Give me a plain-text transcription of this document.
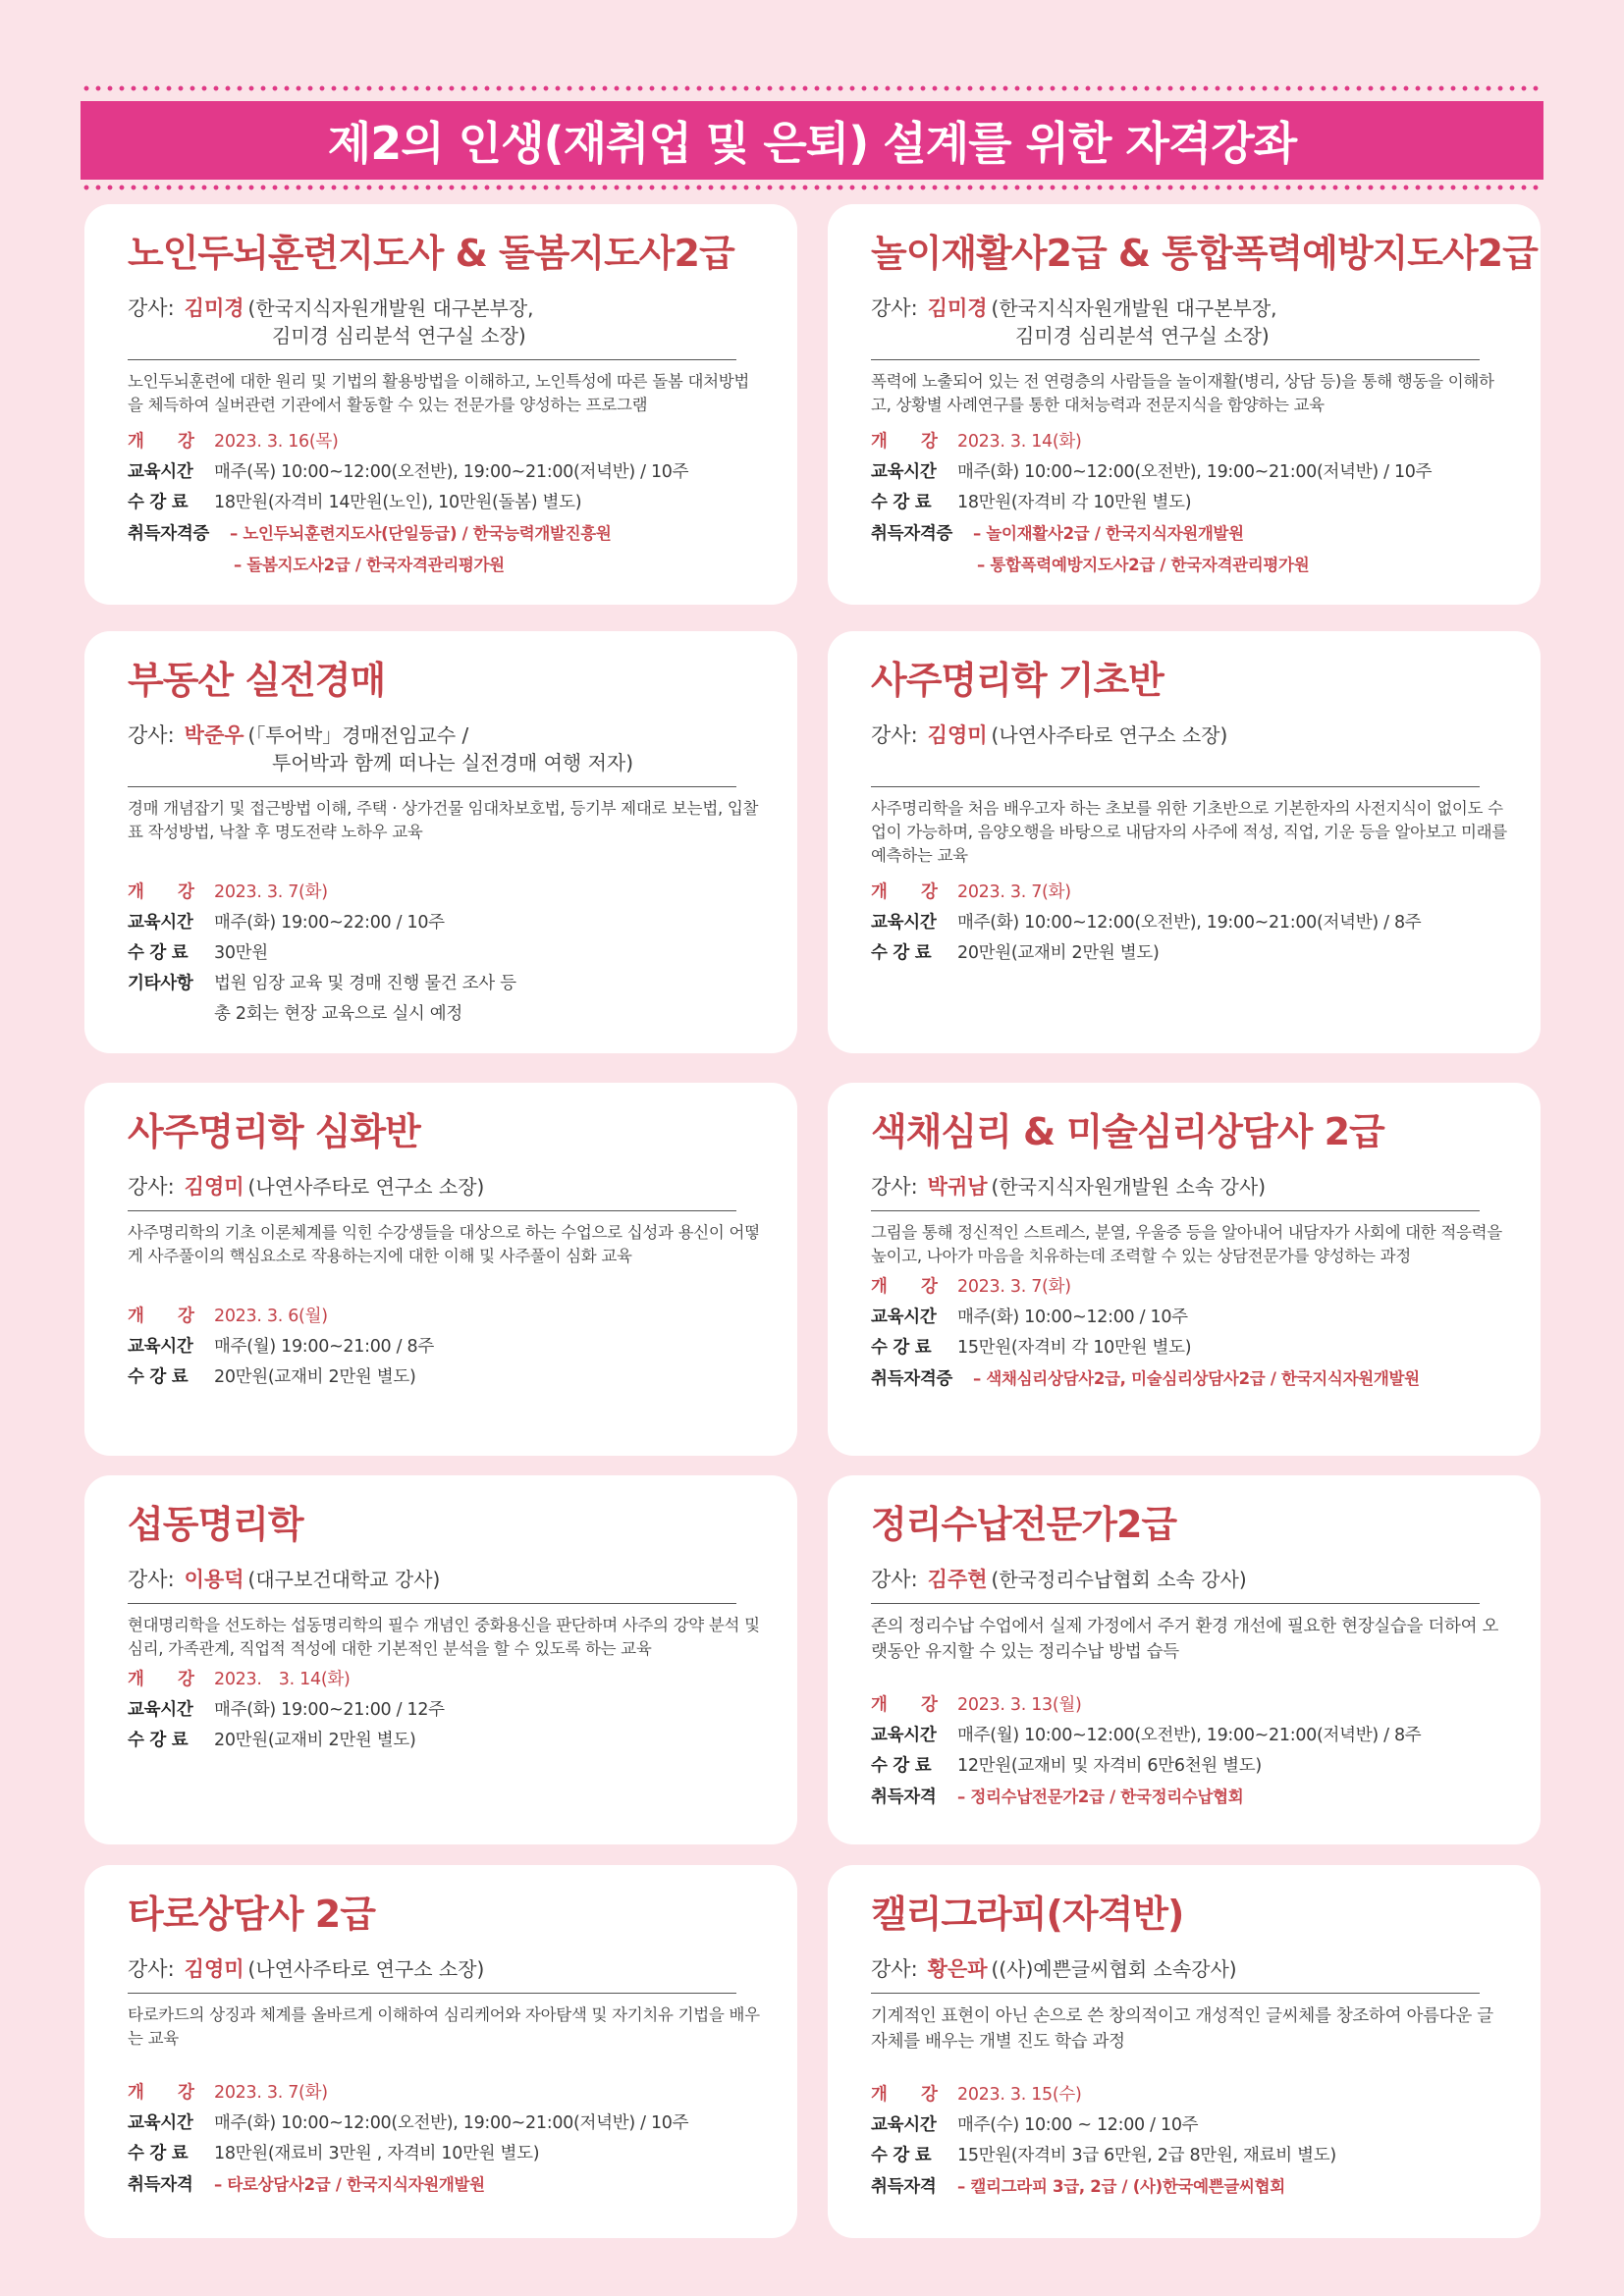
제2의 인생(재취업 및 은퇴) 설계를 위한 자격강좌
노인두뇌훈련지도사 & 돌봄지도사2급
강사: 김미경 (한국지식자원개발원 대구본부장,
김미경 심리분석 연구실 소장)
노인두뇌훈련에 대한 원리 및 기법의 활용방법을 이해하고, 노인특성에 따른 돌봄 대처방법을 체득하여 실버관련 기관에서 활동할 수 있는 전문가를 양성하는 프로그램
개　　강 2023. 3. 16(목)
교육시간 매주(목) 10:00~12:00(오전반), 19:00~21:00(저녁반) / 10주
수 강 료 18만원(자격비 14만원(노인), 10만원(돌봄) 별도)
취득자격증 – 노인두뇌훈련지도사(단일등급) / 한국능력개발진흥원
– 돌봄지도사2급 / 한국자격관리평가원
놀이재활사2급 & 통합폭력예방지도사2급
강사: 김미경 (한국지식자원개발원 대구본부장,
김미경 심리분석 연구실 소장)
폭력에 노출되어 있는 전 연령층의 사람들을 놀이재활(병리, 상담 등)을 통해 행동을 이해하고, 상황별 사례연구를 통한 대처능력과 전문지식을 함양하는 교육
개　　강 2023. 3. 14(화)
교육시간 매주(화) 10:00~12:00(오전반), 19:00~21:00(저녁반) / 10주
수 강 료 18만원(자격비 각 10만원 별도)
취득자격증 – 놀이재활사2급 / 한국지식자원개발원
– 통합폭력예방지도사2급 / 한국자격관리평가원
부동산 실전경매
강사: 박준우 (「투어박」경매전임교수 /
투어박과 함께 떠나는 실전경매 여행 저자)
경매 개념잡기 및 접근방법 이해, 주택 · 상가건물 임대차보호법, 등기부 제대로 보는법, 입찰표 작성방법, 낙찰 후 명도전략 노하우 교육
개　　강 2023. 3. 7(화)
교육시간 매주(화) 19:00~22:00 / 10주
수 강 료 30만원
기타사항 법원 임장 교육 및 경매 진행 물건 조사 등
총 2회는 현장 교육으로 실시 예정
사주명리학 기초반
강사: 김영미 (나연사주타로 연구소 소장)
사주명리학을 처음 배우고자 하는 초보를 위한 기초반으로 기본한자의 사전지식이 없이도 수업이 가능하며, 음양오행을 바탕으로 내담자의 사주에 적성, 직업, 기운 등을 알아보고 미래를 예측하는 교육
개　　강 2023. 3. 7(화)
교육시간 매주(화) 10:00~12:00(오전반), 19:00~21:00(저녁반) / 8주
수 강 료 20만원(교재비 2만원 별도)
사주명리학 심화반
강사: 김영미 (나연사주타로 연구소 소장)
사주명리학의 기초 이론체계를 익힌 수강생들을 대상으로 하는 수업으로 십성과 용신이 어떻게 사주풀이의 핵심요소로 작용하는지에 대한 이해 및 사주풀이 심화 교육
개　　강 2023. 3. 6(월)
교육시간 매주(월) 19:00~21:00 / 8주
수 강 료 20만원(교재비 2만원 별도)
색채심리 & 미술심리상담사 2급
강사: 박귀남 (한국지식자원개발원 소속 강사)
그림을 통해 정신적인 스트레스, 분열, 우울증 등을 알아내어 내담자가 사회에 대한 적응력을 높이고, 나아가 마음을 치유하는데 조력할 수 있는 상담전문가를 양성하는 과정
개　　강 2023. 3. 7(화)
교육시간 매주(화) 10:00~12:00 / 10주
수 강 료 15만원(자격비 각 10만원 별도)
취득자격증 – 색채심리상담사2급, 미술심리상담사2급 / 한국지식자원개발원
섭동명리학
강사: 이용덕 (대구보건대학교 강사)
현대명리학을 선도하는 섭동명리학의 필수 개념인 중화용신을 판단하며 사주의 강약 분석 및 심리, 가족관계, 직업적 적성에 대한 기본적인 분석을 할 수 있도록 하는 교육
개　　강 2023.　3. 14(화)
교육시간 매주(화) 19:00~21:00 / 12주
수 강 료 20만원(교재비 2만원 별도)
정리수납전문가2급
강사: 김주현 (한국정리수납협회 소속 강사)
존의 정리수납 수업에서 실제 가정에서 주거 환경 개선에 필요한 현장실습을 더하여 오랫동안 유지할 수 있는 정리수납 방법 습득
개　　강 2023. 3. 13(월)
교육시간 매주(월) 10:00~12:00(오전반), 19:00~21:00(저녁반) / 8주
수 강 료 12만원(교재비 및 자격비 6만6천원 별도)
취득자격 – 정리수납전문가2급 / 한국정리수납협회
타로상담사 2급
강사: 김영미 (나연사주타로 연구소 소장)
타로카드의 상징과 체계를 올바르게 이해하여 심리케어와 자아탐색 및 자기치유 기법을 배우는 교육
개　　강 2023. 3. 7(화)
교육시간 매주(화) 10:00~12:00(오전반), 19:00~21:00(저녁반) / 10주
수 강 료 18만원(재료비 3만원 , 자격비 10만원 별도)
취득자격 – 타로상담사2급 / 한국지식자원개발원
캘리그라피(자격반)
강사: 황은파 ((사)예쁜글씨협회 소속강사)
기계적인 표현이 아닌 손으로 쓴 창의적이고 개성적인 글씨체를 창조하여 아름다운 글자체를 배우는 개별 진도 학습 과정
개　　강 2023. 3. 15(수)
교육시간 매주(수) 10:00 ~ 12:00 / 10주
수 강 료 15만원(자격비 3급 6만원, 2급 8만원, 재료비 별도)
취득자격 – 캘리그라피 3급, 2급 / (사)한국예쁜글씨협회
